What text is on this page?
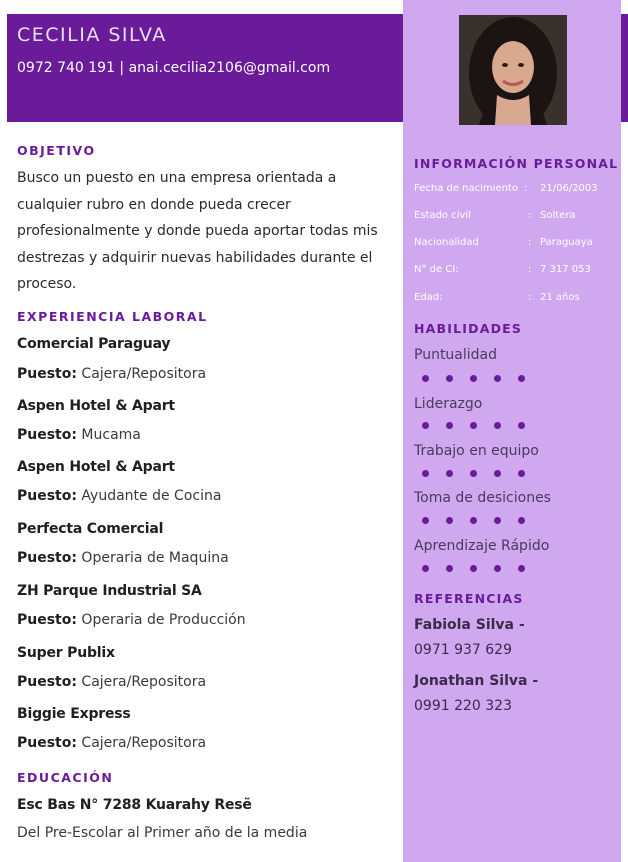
CECILIA SILVA
0972 740 191 | anai.cecilia2106@gmail.com
OBJETIVO
Busco un puesto en una empresa orientada a
cualquier rubro en donde pueda crecer
profesionalmente y donde pueda aportar todas mis
destrezas y adquirir nuevas habilidades durante el
proceso.
EXPERIENCIA LABORAL
Comercial Paraguay
Puesto: Cajera/Repositora
Aspen Hotel & Apart
Puesto: Mucama
Aspen Hotel & Apart
Puesto: Ayudante de Cocina
Perfecta Comercial
Puesto: Operaria de Maquina
ZH Parque Industrial SA
Puesto: Operaria de Producción
Super Publix
Puesto: Cajera/Repositora
Biggie Express
Puesto: Cajera/Repositora
EDUCACIÓN
Esc Bas N° 7288 Kuarahy Resẽ
Del Pre-Escolar al Primer año de la media
INFORMACIÓN PERSONAL
Fecha de nacimiento : 21/06/2003
Estado civil	: Soltera
Nacionalidad	: Paraguaya
N° de CI:	: 7 317 053
Edad:	: 21 años
HABILIDADES
Puntualidad
Liderazgo
Trabajo en equipo
Toma de desiciones
Aprendizaje Rápido
REFERENCIAS
Fabiola Silva -
0971 937 629
Jonathan Silva -
0991 220 323
